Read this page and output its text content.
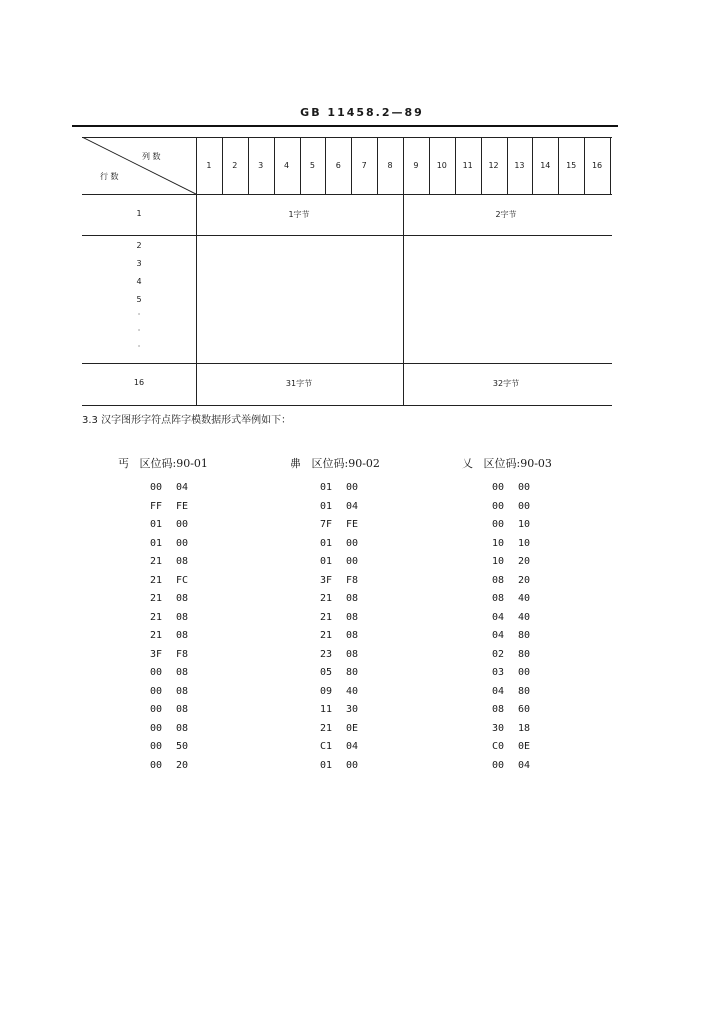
GB 11458.2—89
列 数
行 数
1	2	3	4	5	6	7	8	9	10	11	12	13	14	15	16
1	1字节	2字节
2
3
4
5
·
·
·
16	31字节	32字节
3.3 汉字图形字符点阵字模数据形式举例如下：
丐 区位码:90-01
00 04
FF FE
01 00
01 00
21 08
21 FC
21 08
21 08
21 08
3F F8
00 08
00 08
00 08
00 08
00 50
00 20
丳 区位码:90-02
01 00
01 04
7F FE
01 00
01 00
3F F8
21 08
21 08
21 08
23 08
05 80
09 40
11 30
21 0E
C1 04
01 00
乂 区位码:90-03
00 00
00 00
00 10
10 10
10 20
08 20
08 40
04 40
04 80
02 80
03 00
04 80
08 60
30 18
C0 0E
00 04
